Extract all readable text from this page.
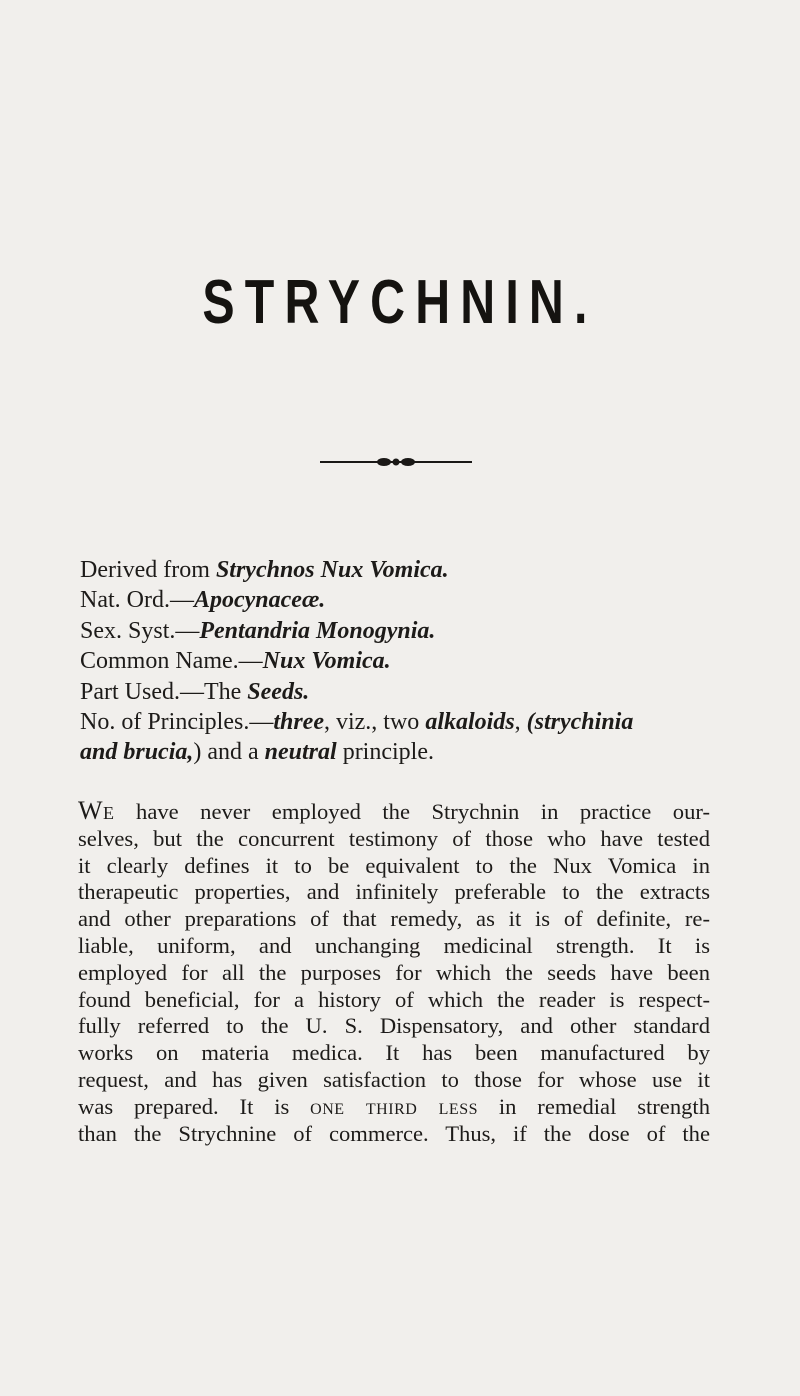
STRYCHNIN.
Derived from Strychnos Nux Vomica.
Nat. Ord.—Apocynaceæ.
Sex. Syst.—Pentandria Monogynia.
Common Name.—Nux Vomica.
Part Used.—The Seeds.
No. of Principles.—three, viz., two alkaloids, (strychinia
and brucia,) and a neutral principle.
We have never employed the Strychnin in practice our-
selves, but the concurrent testimony of those who have tested
it clearly defines it to be equivalent to the Nux Vomica in
therapeutic properties, and infinitely preferable to the extracts
and other preparations of that remedy, as it is of definite, re-
liable, uniform, and unchanging medicinal strength. It is
employed for all the purposes for which the seeds have been
found beneficial, for a history of which the reader is respect-
fully referred to the U. S. Dispensatory, and other standard
works on materia medica. It has been manufactured by
request, and has given satisfaction to those for whose use it
was prepared. It is one third less in remedial strength
than the Strychnine of commerce. Thus, if the dose of the
